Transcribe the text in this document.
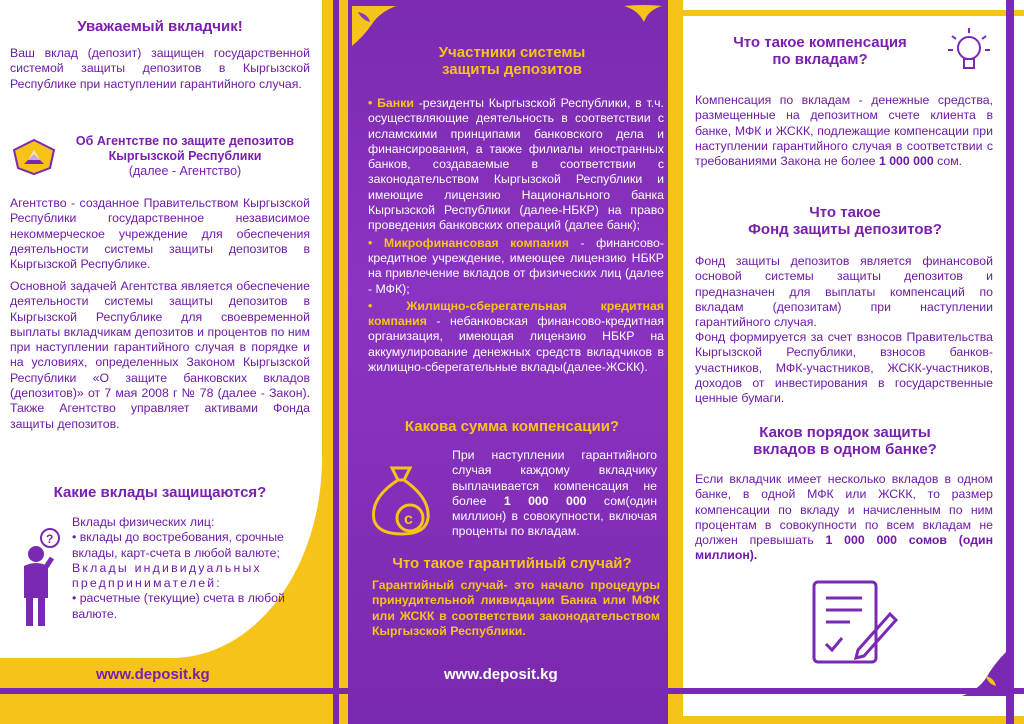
Уважаемый вкладчик!
Ваш вклад (депозит) защищен государственной системой защиты депозитов в Кыргызской Республике при наступлении гарантийного случая.
Об Агентстве по защите депозитов
Кыргызской Республики
(далее - Агентство)
Агентство - созданное Правительством Кыргызской Республики государственное независимое некоммерческое учреждение для обеспечения деятельности системы защиты депозитов в Кыргызской Республике.
Основной задачей Агентства является обеспечение деятельности системы защиты депозитов в Кыргызской Республике для своевременной выплаты вкладчикам депозитов и процентов по ним при наступлении гарантийного случая в порядке и на условиях, определенных Законом Кыргызской Республики «О защите банковских вкладов (депозитов)» от 7 мая 2008 г № 78 (далее - Закон). Также Агентство управляет активами Фонда защиты депозитов.
Какие вклады защищаются?
?
Вклады физических лиц:
• вклады до востребования, срочные вклады, карт-счета в любой валюте;
Вклады индивидуальных предпринимателей:
• расчетные (текущие) счета в любой валюте.
www.deposit.kg
Участники системы
защиты депозитов
• Банки -резиденты Кыргызской Республики, в т.ч. осуществляющие деятельность в соответствии с исламскими принципами банковского дела и финансирования, а также филиалы иностранных банков, создаваемые в соответствии с законодательством Кыргызской Республики и имеющие лицензию Национального банка Кыргызской Республики (далее-НБКР) на право проведения банковских операций (далее банк);
• Микрофинансовая компания - финансово-кредитное учреждение, имеющее лицензию НБКР на привлечение вкладов от физических лиц (далее - МФК);
• Жилищно-сберегательная кредитная компания - небанковская финансово-кредитная организация, имеющая лицензию НБКР на аккумулирование денежных средств вкладчиков в жилищно-сберегательные вклады(далее-ЖСКК).
Какова сумма компенсации?
c
При наступлении гарантийного случая каждому вкладчику выплачивается компенсация не более 1 000 000 сом(один миллион) в совокупности, включая проценты по вкладам.
Что такое гарантийный случай?
Гарантийный случай- это начало процедуры принудительной ликвидации Банка или МФК или ЖСКК в соответствии законодательством Кыргызской Республики.
www.deposit.kg
Что такое компенсация
по вкладам?
Компенсация по вкладам - денежные средства, размещенные на депозитном счете клиента в банке, МФК и ЖСКК, подлежащие компенсации при наступлении гарантийного случая в соответствии с требованиями Закона не более 1 000 000 сом.
Что такое
Фонд защиты депозитов?
Фонд защиты депозитов является финансовой основой системы защиты депозитов и предназначен для выплаты компенсаций по вкладам (депозитам) при наступлении гарантийного случая.
Фонд формируется за счет взносов Правительства Кыргызской Республики, взносов банков-участников, МФК-участников, ЖСКК-участников, доходов от инвестирования в государственные ценные бумаги.
Каков порядок защиты
вкладов в одном банке?
Если вкладчик имеет несколько вкладов в одном банке, в одной МФК или ЖСКК, то размер компенсации по вкладу и начисленным по ним процентам в совокупности по всем вкладам не должен превышать 1 000 000 сомов (один миллион).
